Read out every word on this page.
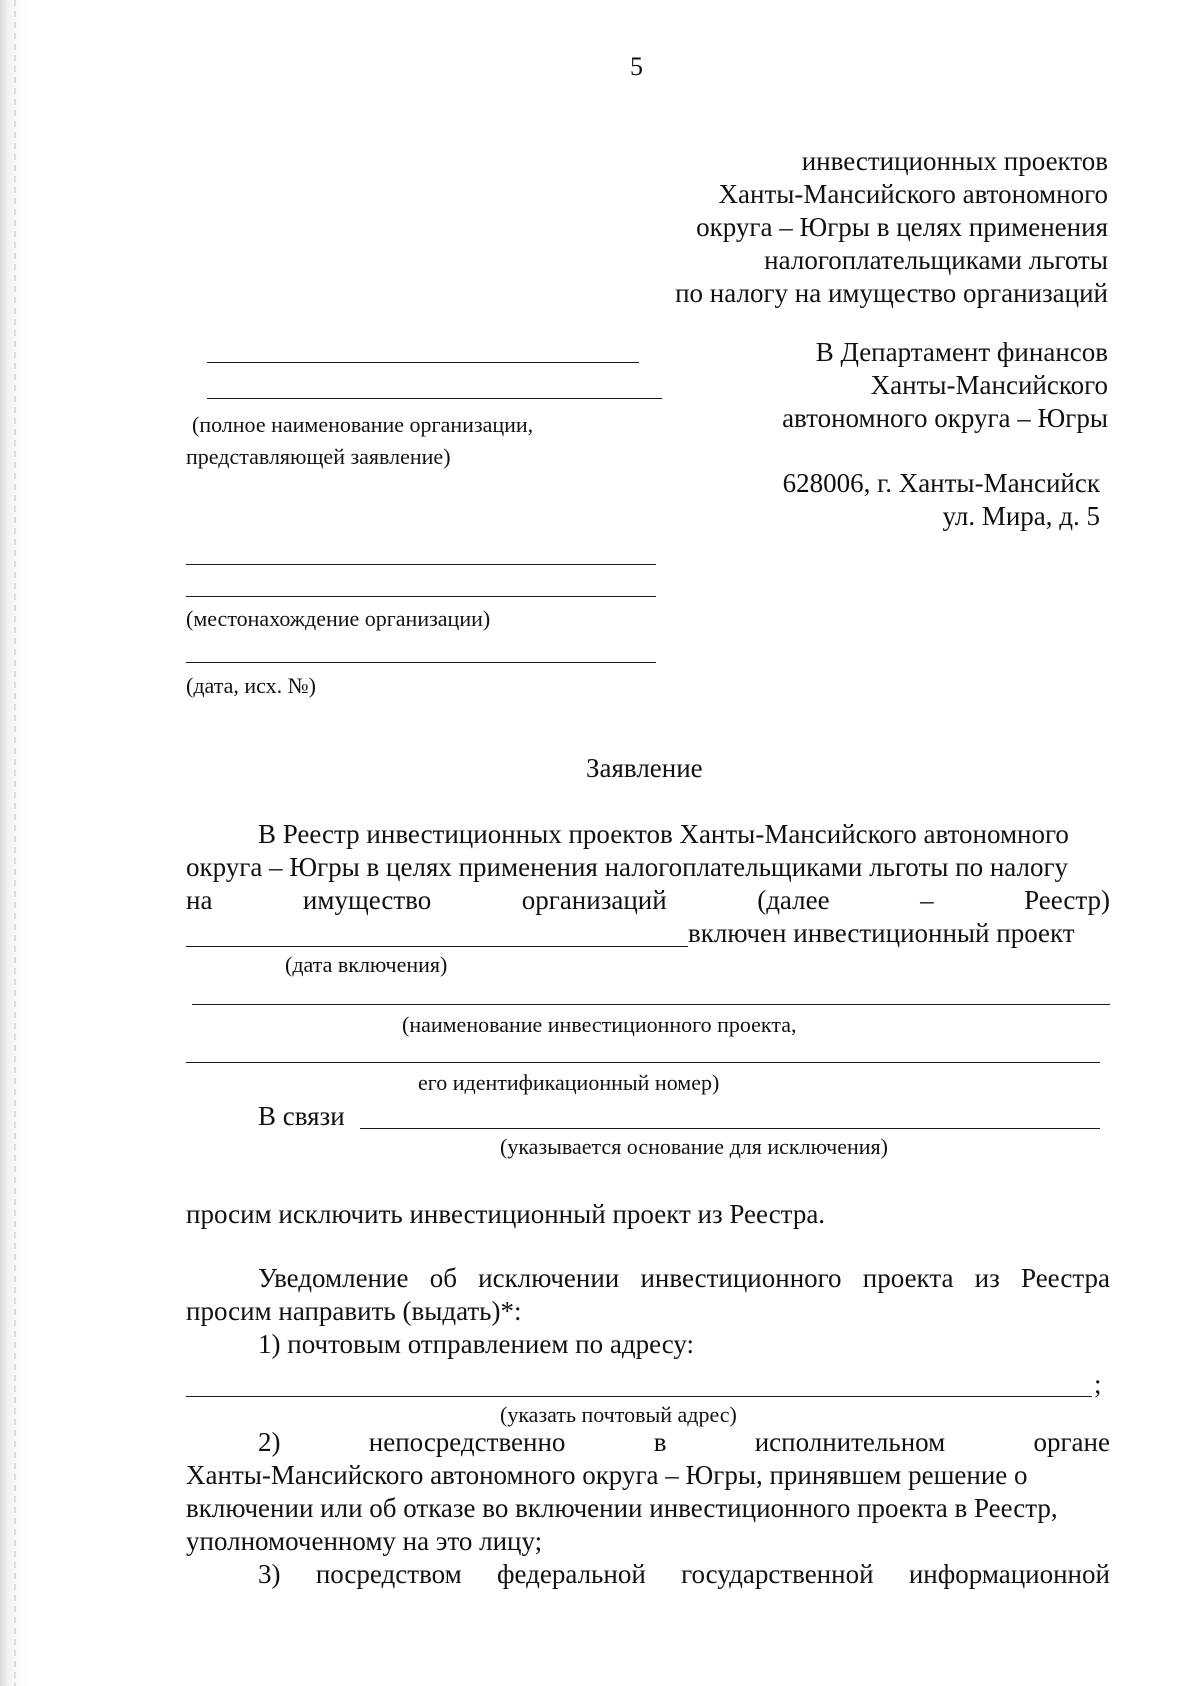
5
инвестиционных проектов
Ханты-Мансийского автономного
округа – Югры в целях применения
налогоплательщиками льготы
по налогу на имущество организаций
В Департамент финансов
Ханты-Мансийского
автономного округа – Югры
628006, г. Ханты-Мансийск
ул. Мира, д. 5
(полное наименование организации,
представляющей заявление)
(местонахождение организации)
(дата, исх. №)
Заявление
В Реестр инвестиционных проектов Ханты-Мансийского автономного
округа – Югры в целях применения налогоплательщиками льготы по налогу
на	имущество	организаций	(далее	–	Реестр)
включен инвестиционный проект
(дата включения)
(наименование инвестиционного проекта,
его идентификационный номер)
В связи
(указывается основание для исключения)
просим исключить инвестиционный проект из Реестра.
Уведомление об исключении инвестиционного проекта из Реестра
просим направить (выдать)*:
1) почтовым отправлением по адресу:
;
(указать почтовый адрес)
2)	непосредственно	в	исполнительном	органе
Ханты-Мансийского автономного округа – Югры, принявшем решение о
включении или об отказе во включении инвестиционного проекта в Реестр,
уполномоченному на это лицу;
3) посредством федеральной государственной информационной
